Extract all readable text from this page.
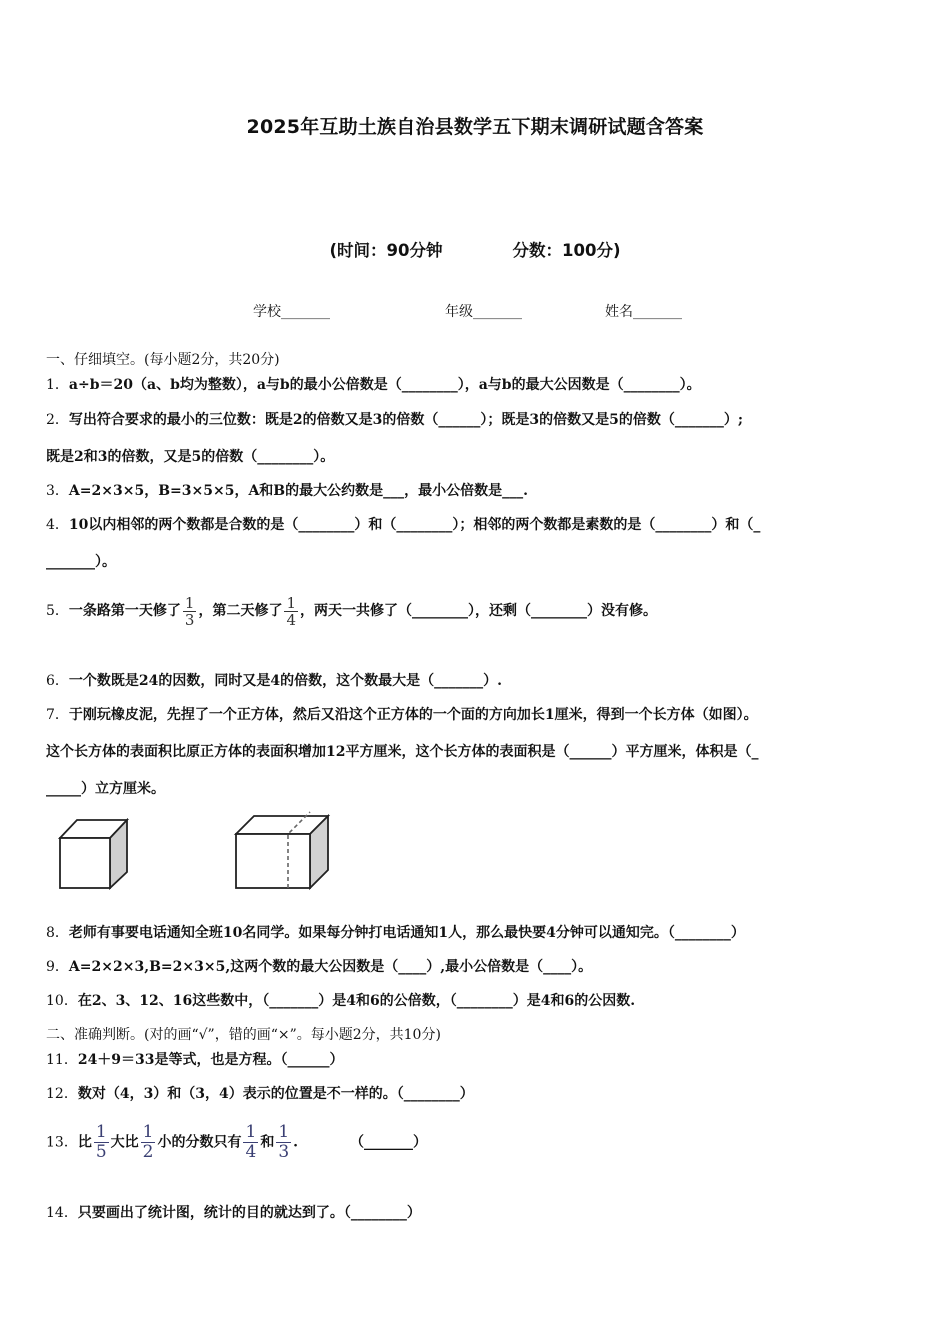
2025年互助土族自治县数学五下期末调研试题含答案
(时间：90分钟	分数：100分)
学校_______	年级_______	姓名_______
一、仔细填空。(每小题2分，共20分)
1．a÷b＝20（a、b均为整数），a与b的最小公倍数是（________），a与b的最大公因数是（________）。
2．写出符合要求的最小的三位数：既是2的倍数又是3的倍数（______）；既是3的倍数又是5的倍数（_______）;
既是2和3的倍数，又是5的倍数（________）。
3．A=2×3×5，B=3×5×5，A和B的最大公约数是___，最小公倍数是___.
4．10以内相邻的两个数都是合数的是（________）和（________）；相邻的两个数都是素数的是（________）和（_
_______）。
5．一条路第一天修了 $\frac{1}{3}$ ，第二天修了 $\frac{1}{4}$ ，两天一共修了（________），还剩（________）没有修。
6．一个数既是24的因数，同时又是4的倍数，这个数最大是（_______）.
7．于刚玩橡皮泥，先捏了一个正方体，然后又沿这个正方体的一个面的方向加长1厘米，得到一个长方体（如图）。
这个长方体的表面积比原正方体的表面积增加12平方厘米，这个长方体的表面积是（______）平方厘米，体积是（_
_____）立方厘米。
8．老师有事要电话通知全班10名同学。如果每分钟打电话通知1人，那么最快要4分钟可以通知完。（________）
9．A=2×2×3,B=2×3×5,这两个数的最大公因数是（____）,最小公倍数是（____）。
10．在2、3、12、16这些数中，（_______）是4和6的公倍数，（________）是4和6的公因数.
二、准确判断。(对的画“√”，错的画“×”。每小题2分，共10分)
11．24＋9＝33是等式，也是方程。（______）
12．数对（4，3）和（3，4）表示的位置是不一样的。（________）
13．比 $\frac{1}{5}$ 大比 $\frac{1}{2}$ 小的分数只有 $\frac{1}{4}$ 和 $\frac{1}{3}$ .	（_______）
14．只要画出了统计图，统计的目的就达到了。（________）
